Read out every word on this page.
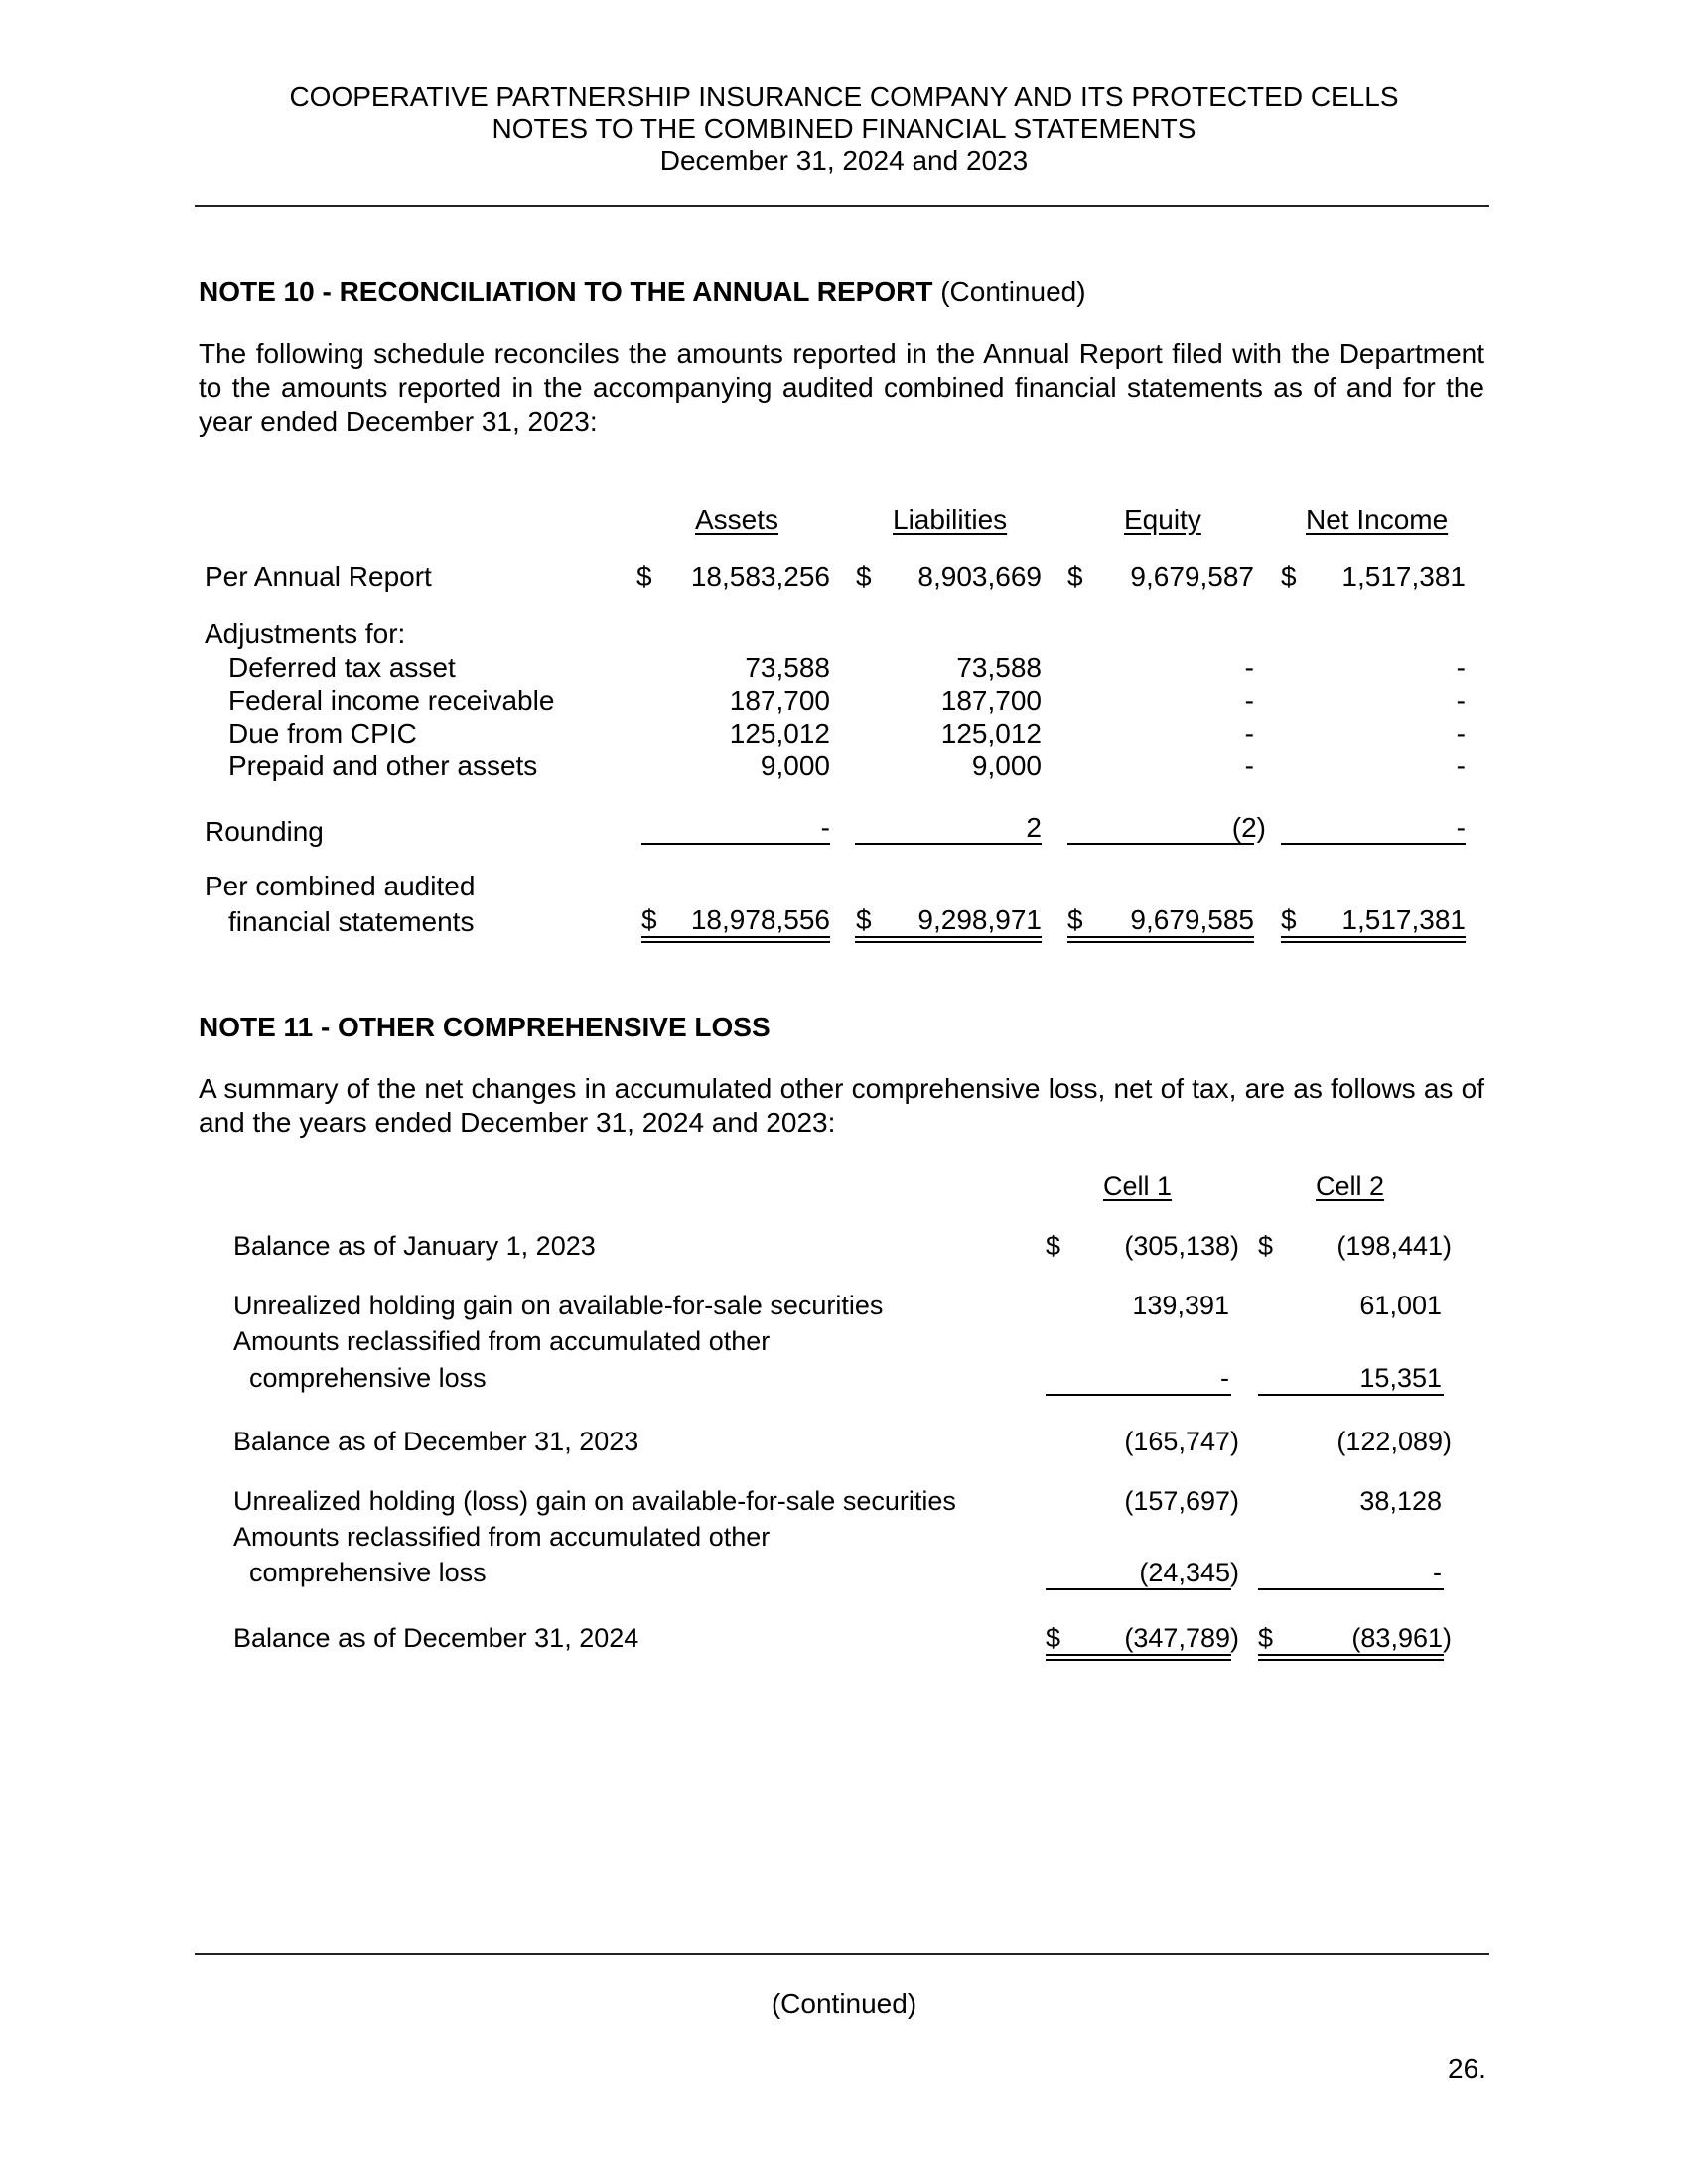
COOPERATIVE PARTNERSHIP INSURANCE COMPANY AND ITS PROTECTED CELLS
NOTES TO THE COMBINED FINANCIAL STATEMENTS
December 31, 2024 and 2023
NOTE 10 - RECONCILIATION TO THE ANNUAL REPORT (Continued)
The following schedule reconciles the amounts reported in the Annual Report filed with the Department to the amounts reported in the accompanying audited combined financial statements as of and for the year ended December 31, 2023:
Assets	Liabilities	Equity	Net Income
Per Annual Report	$	18,583,256 $	8,903,669 $	9,679,587 $	1,517,381
Adjustments for:
Deferred tax asset	73,588	73,588	-	-
Federal income receivable	187,700	187,700	-	-
Due from CPIC	125,012	125,012	-	-
Prepaid and other assets	9,000	9,000	-	-
Rounding	-	2	(2)	-
Per combined audited
financial statements	$	18,978,556 $	9,298,971 $	9,679,585 $	1,517,381
NOTE 11 - OTHER COMPREHENSIVE LOSS
A summary of the net changes in accumulated other comprehensive loss, net of tax, are as follows as of and the years ended December 31, 2024 and 2023:
Cell 1	Cell 2
Balance as of January 1, 2023	$	(305,138) $	(198,441)
Unrealized holding gain on available-for-sale securities	139,391	61,001
Amounts reclassified from accumulated other
comprehensive loss	-	15,351
Balance as of December 31, 2023	(165,747)	(122,089)
Unrealized holding (loss) gain on available-for-sale securities	(157,697)	38,128
Amounts reclassified from accumulated other
comprehensive loss	(24,345)	-
Balance as of December 31, 2024	$	(347,789) $	(83,961)
(Continued)
26.
